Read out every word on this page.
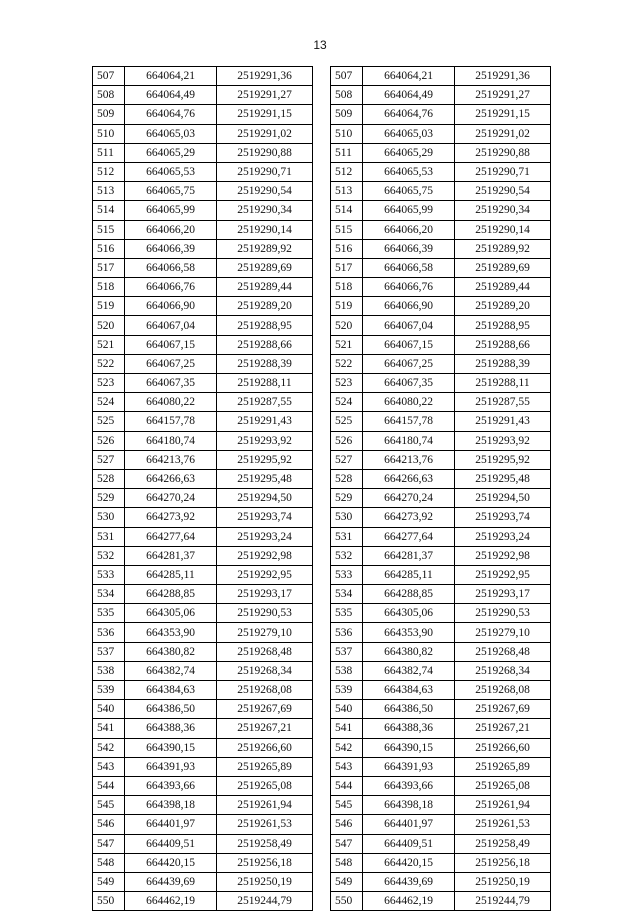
13
507	664064,21	2519291,36
508	664064,49	2519291,27
509	664064,76	2519291,15
510	664065,03	2519291,02
511	664065,29	2519290,88
512	664065,53	2519290,71
513	664065,75	2519290,54
514	664065,99	2519290,34
515	664066,20	2519290,14
516	664066,39	2519289,92
517	664066,58	2519289,69
518	664066,76	2519289,44
519	664066,90	2519289,20
520	664067,04	2519288,95
521	664067,15	2519288,66
522	664067,25	2519288,39
523	664067,35	2519288,11
524	664080,22	2519287,55
525	664157,78	2519291,43
526	664180,74	2519293,92
527	664213,76	2519295,92
528	664266,63	2519295,48
529	664270,24	2519294,50
530	664273,92	2519293,74
531	664277,64	2519293,24
532	664281,37	2519292,98
533	664285,11	2519292,95
534	664288,85	2519293,17
535	664305,06	2519290,53
536	664353,90	2519279,10
537	664380,82	2519268,48
538	664382,74	2519268,34
539	664384,63	2519268,08
540	664386,50	2519267,69
541	664388,36	2519267,21
542	664390,15	2519266,60
543	664391,93	2519265,89
544	664393,66	2519265,08
545	664398,18	2519261,94
546	664401,97	2519261,53
547	664409,51	2519258,49
548	664420,15	2519256,18
549	664439,69	2519250,19
550	664462,19	2519244,79
507	664064,21	2519291,36
508	664064,49	2519291,27
509	664064,76	2519291,15
510	664065,03	2519291,02
511	664065,29	2519290,88
512	664065,53	2519290,71
513	664065,75	2519290,54
514	664065,99	2519290,34
515	664066,20	2519290,14
516	664066,39	2519289,92
517	664066,58	2519289,69
518	664066,76	2519289,44
519	664066,90	2519289,20
520	664067,04	2519288,95
521	664067,15	2519288,66
522	664067,25	2519288,39
523	664067,35	2519288,11
524	664080,22	2519287,55
525	664157,78	2519291,43
526	664180,74	2519293,92
527	664213,76	2519295,92
528	664266,63	2519295,48
529	664270,24	2519294,50
530	664273,92	2519293,74
531	664277,64	2519293,24
532	664281,37	2519292,98
533	664285,11	2519292,95
534	664288,85	2519293,17
535	664305,06	2519290,53
536	664353,90	2519279,10
537	664380,82	2519268,48
538	664382,74	2519268,34
539	664384,63	2519268,08
540	664386,50	2519267,69
541	664388,36	2519267,21
542	664390,15	2519266,60
543	664391,93	2519265,89
544	664393,66	2519265,08
545	664398,18	2519261,94
546	664401,97	2519261,53
547	664409,51	2519258,49
548	664420,15	2519256,18
549	664439,69	2519250,19
550	664462,19	2519244,79
